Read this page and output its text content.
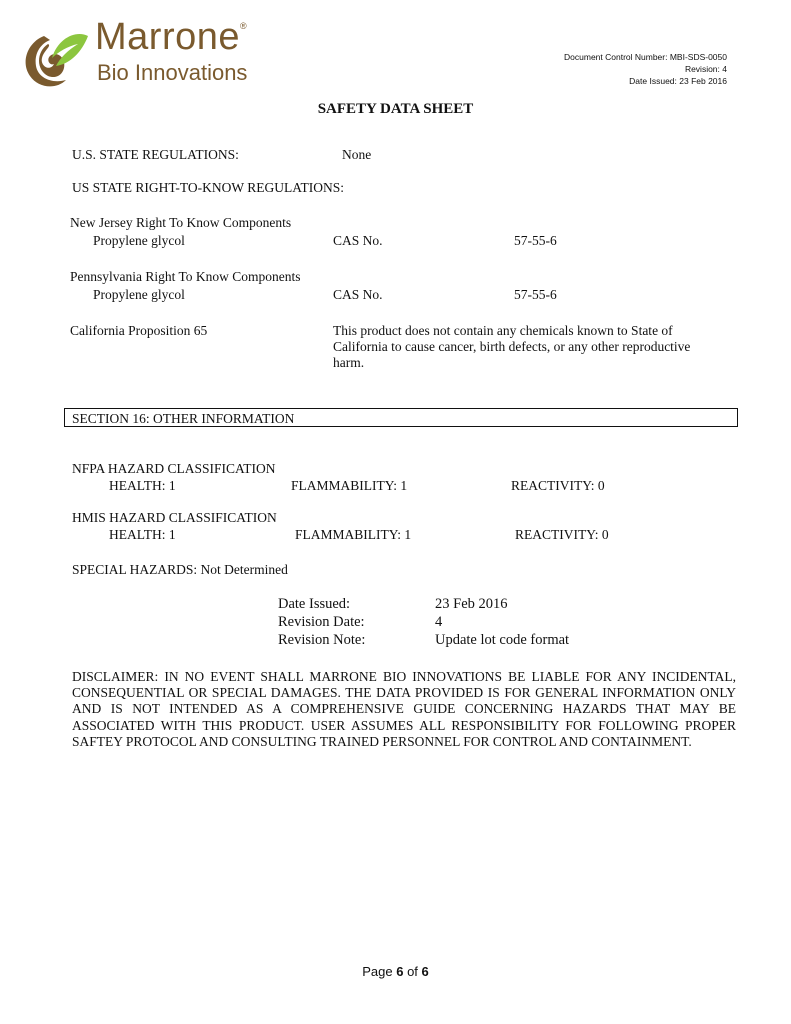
Marrone®
Bio Innovations
Document Control Number: MBI-SDS-0050
Revision: 4
Date Issued: 23 Feb 2016
SAFETY DATA SHEET
U.S. STATE REGULATIONS:	None
US STATE RIGHT-TO-KNOW REGULATIONS:
New Jersey Right To Know Components
Propylene glycol	CAS No.	57-55-6
Pennsylvania Right To Know Components
Propylene glycol	CAS No.	57-55-6
California Proposition 65	This product does not contain any chemicals known to State of
California to cause cancer, birth defects, or any other reproductive
harm.
SECTION 16: OTHER INFORMATION
NFPA HAZARD CLASSIFICATION
HEALTH: 1	FLAMMABILITY: 1	REACTIVITY: 0
HMIS HAZARD CLASSIFICATION
HEALTH: 1	FLAMMABILITY: 1	REACTIVITY: 0
SPECIAL HAZARDS: Not Determined
Date Issued:	23 Feb 2016
Revision Date:	4
Revision Note:	Update lot code format
DISCLAIMER: IN NO EVENT SHALL MARRONE BIO INNOVATIONS BE LIABLE FOR ANY INCIDENTAL, CONSEQUENTIAL OR SPECIAL DAMAGES. THE DATA PROVIDED IS FOR GENERAL INFORMATION ONLY AND IS NOT INTENDED AS A COMPREHENSIVE GUIDE CONCERNING HAZARDS THAT MAY BE ASSOCIATED WITH THIS PRODUCT. USER ASSUMES ALL RESPONSIBILITY FOR FOLLOWING PROPER SAFTEY PROTOCOL AND CONSULTING TRAINED PERSONNEL FOR CONTROL AND CONTAINMENT.
Page 6 of 6
